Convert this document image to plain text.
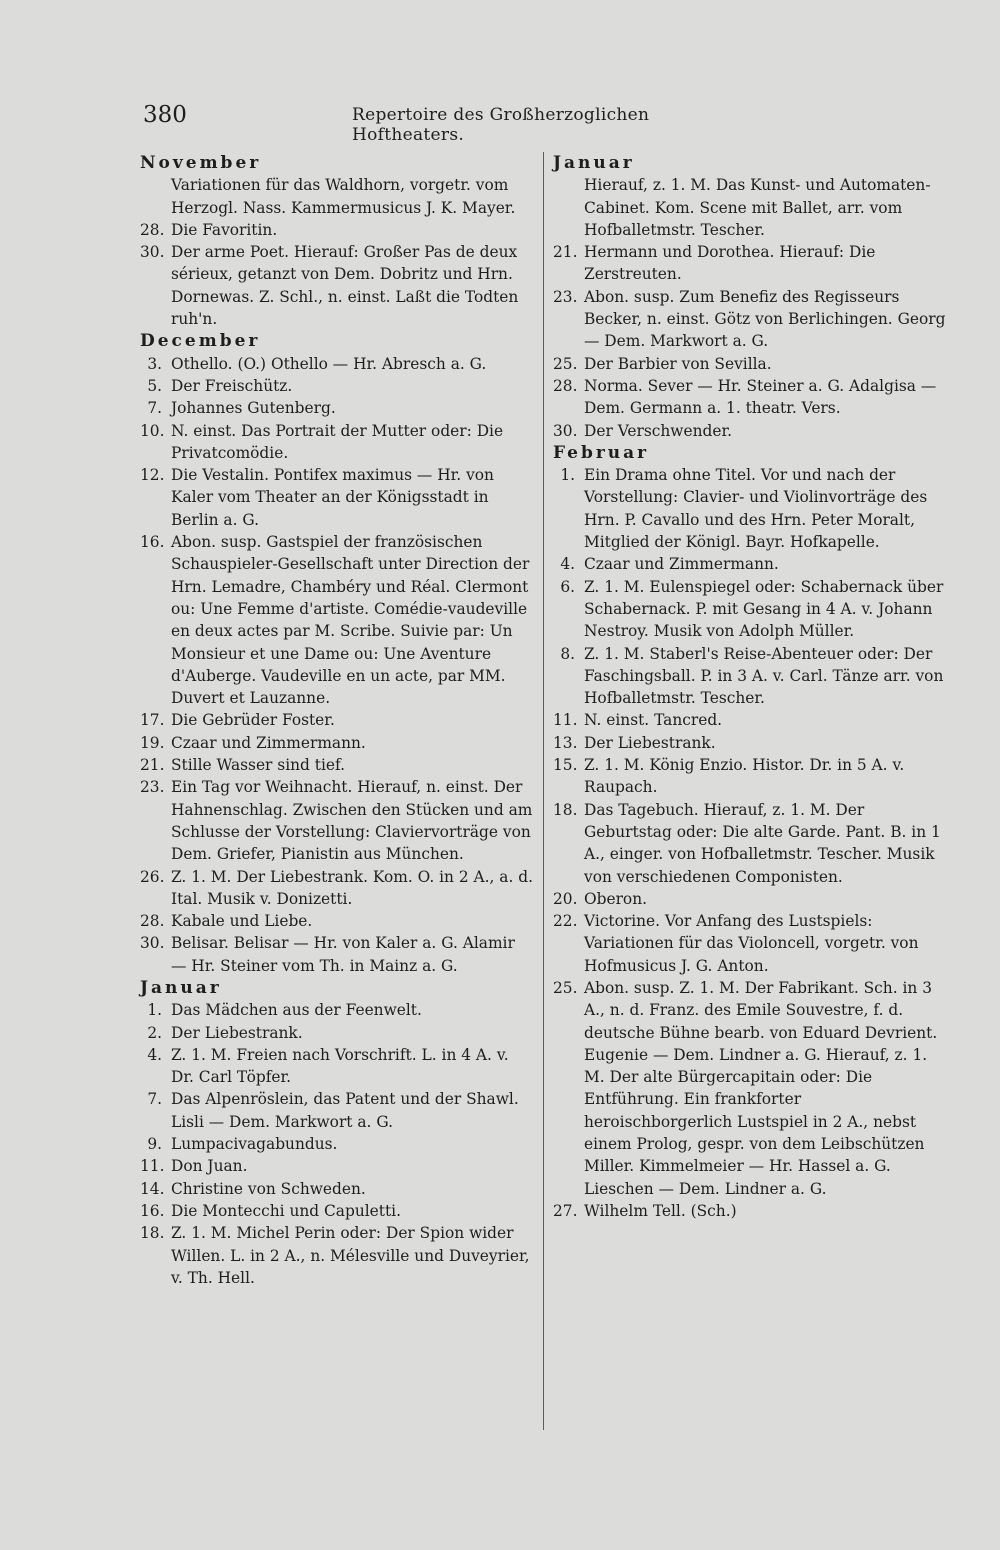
380	Repertoire des Großherzoglichen Hoftheaters.
November
Variationen für das Waldhorn, vorgetr. vom Herzogl. Nass. Kammermusicus J. K. Mayer.
28. Die Favoritin.
30. Der arme Poet. Hierauf: Großer Pas de deux sérieux, getanzt von Dem. Dobritz und Hrn. Dornewas. Z. Schl., n. einst. Laßt die Todten ruh'n.
December
3. Othello. (O.) Othello — Hr. Abresch a. G.
5. Der Freischütz.
7. Johannes Gutenberg.
10. N. einst. Das Portrait der Mutter oder: Die Privatcomödie.
12. Die Vestalin. Pontifex maximus — Hr. von Kaler vom Theater an der Königsstadt in Berlin a. G.
16. Abon. susp. Gastspiel der französischen Schauspieler-Gesellschaft unter Direction der Hrn. Lemadre, Chambéry und Réal. Clermont ou: Une Femme d'artiste. Comédie-vaudeville en deux actes par M. Scribe. Suivie par: Un Monsieur et une Dame ou: Une Aventure d'Auberge. Vaudeville en un acte, par MM. Duvert et Lauzanne.
17. Die Gebrüder Foster.
19. Czaar und Zimmermann.
21. Stille Wasser sind tief.
23. Ein Tag vor Weihnacht. Hierauf, n. einst. Der Hahnenschlag. Zwischen den Stücken und am Schlusse der Vorstellung: Claviervorträge von Dem. Griefer, Pianistin aus München.
26. Z. 1. M. Der Liebestrank. Kom. O. in 2 A., a. d. Ital. Musik v. Donizetti.
28. Kabale und Liebe.
30. Belisar. Belisar — Hr. von Kaler a. G. Alamir — Hr. Steiner vom Th. in Mainz a. G.
Januar
1. Das Mädchen aus der Feenwelt.
2. Der Liebestrank.
4. Z. 1. M. Freien nach Vorschrift. L. in 4 A. v. Dr. Carl Töpfer.
7. Das Alpenröslein, das Patent und der Shawl. Lisli — Dem. Markwort a. G.
9. Lumpacivagabundus.
11. Don Juan.
14. Christine von Schweden.
16. Die Montecchi und Capuletti.
18. Z. 1. M. Michel Perin oder: Der Spion wider Willen. L. in 2 A., n. Mélesville und Duveyrier, v. Th. Hell.
Januar
Hierauf, z. 1. M. Das Kunst- und Automaten-Cabinet. Kom. Scene mit Ballet, arr. vom Hofballetmstr. Tescher.
21. Hermann und Dorothea. Hierauf: Die Zerstreuten.
23. Abon. susp. Zum Benefiz des Regisseurs Becker, n. einst. Götz von Berlichingen. Georg — Dem. Markwort a. G.
25. Der Barbier von Sevilla.
28. Norma. Sever — Hr. Steiner a. G. Adalgisa — Dem. Germann a. 1. theatr. Vers.
30. Der Verschwender.
Februar
1. Ein Drama ohne Titel. Vor und nach der Vorstellung: Clavier- und Violinvorträge des Hrn. P. Cavallo und des Hrn. Peter Moralt, Mitglied der Königl. Bayr. Hofkapelle.
4. Czaar und Zimmermann.
6. Z. 1. M. Eulenspiegel oder: Schabernack über Schabernack. P. mit Gesang in 4 A. v. Johann Nestroy. Musik von Adolph Müller.
8. Z. 1. M. Staberl's Reise-Abenteuer oder: Der Faschingsball. P. in 3 A. v. Carl. Tänze arr. von Hofballetmstr. Tescher.
11. N. einst. Tancred.
13. Der Liebestrank.
15. Z. 1. M. König Enzio. Histor. Dr. in 5 A. v. Raupach.
18. Das Tagebuch. Hierauf, z. 1. M. Der Geburtstag oder: Die alte Garde. Pant. B. in 1 A., einger. von Hofballetmstr. Tescher. Musik von verschiedenen Componisten.
20. Oberon.
22. Victorine. Vor Anfang des Lustspiels: Variationen für das Violoncell, vorgetr. von Hofmusicus J. G. Anton.
25. Abon. susp. Z. 1. M. Der Fabrikant. Sch. in 3 A., n. d. Franz. des Emile Souvestre, f. d. deutsche Bühne bearb. von Eduard Devrient. Eugenie — Dem. Lindner a. G. Hierauf, z. 1. M. Der alte Bürgercapitain oder: Die Entführung. Ein frankforter heroischborgerlich Lustspiel in 2 A., nebst einem Prolog, gespr. von dem Leibschützen Miller. Kimmelmeier — Hr. Hassel a. G. Lieschen — Dem. Lindner a. G.
27. Wilhelm Tell. (Sch.)
